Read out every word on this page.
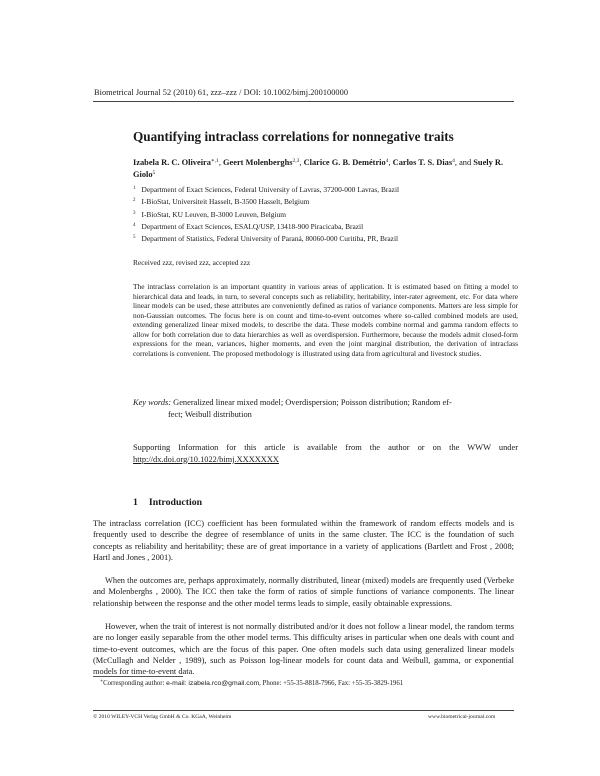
Biometrical Journal 52 (2010) 61, zzz–zzz / DOI: 10.1002/bimj.200100000
Quantifying intraclass correlations for nonnegative traits
Izabela R. C. Oliveira$^{∗,1}$, Geert Molenberghs$^{2,3}$, Clarice G. B. Demétrio$^4$, Carlos T. S. Dias$^4$, and Suely R. Giolo$^5$
$^1$ Department of Exact Sciences, Federal University of Lavras, 37200-000 Lavras, Brazil
$^2$ I-BioStat, Universiteit Hasselt, B-3500 Hasselt, Belgium
$^3$ I-BioStat, KU Leuven, B-3000 Leuven, Belgium
$^4$ Department of Exact Sciences, ESALQ/USP, 13418-900 Piracicaba, Brazil
$^5$ Department of Statistics, Federal University of Paraná, 80060-000 Curitiba, PR, Brazil
Received zzz, revised zzz, accepted zzz

The intraclass correlation is an important quantity in various areas of application. It is estimated based on fitting a model to hierarchical data and leads, in turn, to several concepts such as reliability, heritability, inter-rater agreement, etc. For data where linear models can be used, these attributes are conveniently defined as ratios of variance components. Matters are less simple for non-Gaussian outcomes. The focus here is on count and time-to-event outcomes where so-called combined models are used, extending generalized linear mixed models, to describe the data. These models combine normal and gamma random effects to allow for both correlation due to data hierarchies as well as overdispersion. Furthermore, because the models admit closed-form expressions for the mean, variances, higher moments, and even the joint marginal distribution, the derivation of intraclass correlations is convenient. The proposed methodology is illustrated using data from agricultural and livestock studies.

Key words: Generalized linear mixed model; Overdispersion; Poisson distribution; Random ef-
fect; Weibull distribution

Supporting Information for this article is available from the author or on the WWW under http://dx.doi.org/10.1022/bimj.XXXXXXX

1 Introduction

The intraclass correlation (ICC) coefficient has been formulated within the framework of random effects models and is frequently used to describe the degree of resemblance of units in the same cluster. The ICC is the foundation of such concepts as reliability and heritability; these are of great importance in a variety of applications (Bartlett and Frost , 2008; Hartl and Jones , 2001).

When the outcomes are, perhaps approximately, normally distributed, linear (mixed) models are frequently used (Verbeke and Molenberghs , 2000). The ICC then take the form of ratios of simple functions of variance components. The linear relationship between the response and the other model terms leads to simple, easily obtainable expressions.

However, when the trait of interest is not normally distributed and/or it does not follow a linear model, the random terms are no longer easily separable from the other model terms. This difficulty arises in particular when one deals with count and time-to-event outcomes, which are the focus of this paper. One often models such data using generalized linear models (McCullagh and Nelder , 1989), such as Poisson log-linear models for count data and Weibull, gamma, or exponential models for time-to-event data.

∗Corresponding author: e-mail: izabela.rco@gmail.com, Phone: +55-35-8818-7966, Fax: +55-35-3829-1961
© 2010 WILEY-VCH Verlag GmbH & Co. KGaA, Weinheim	www.biometrical-journal.com
